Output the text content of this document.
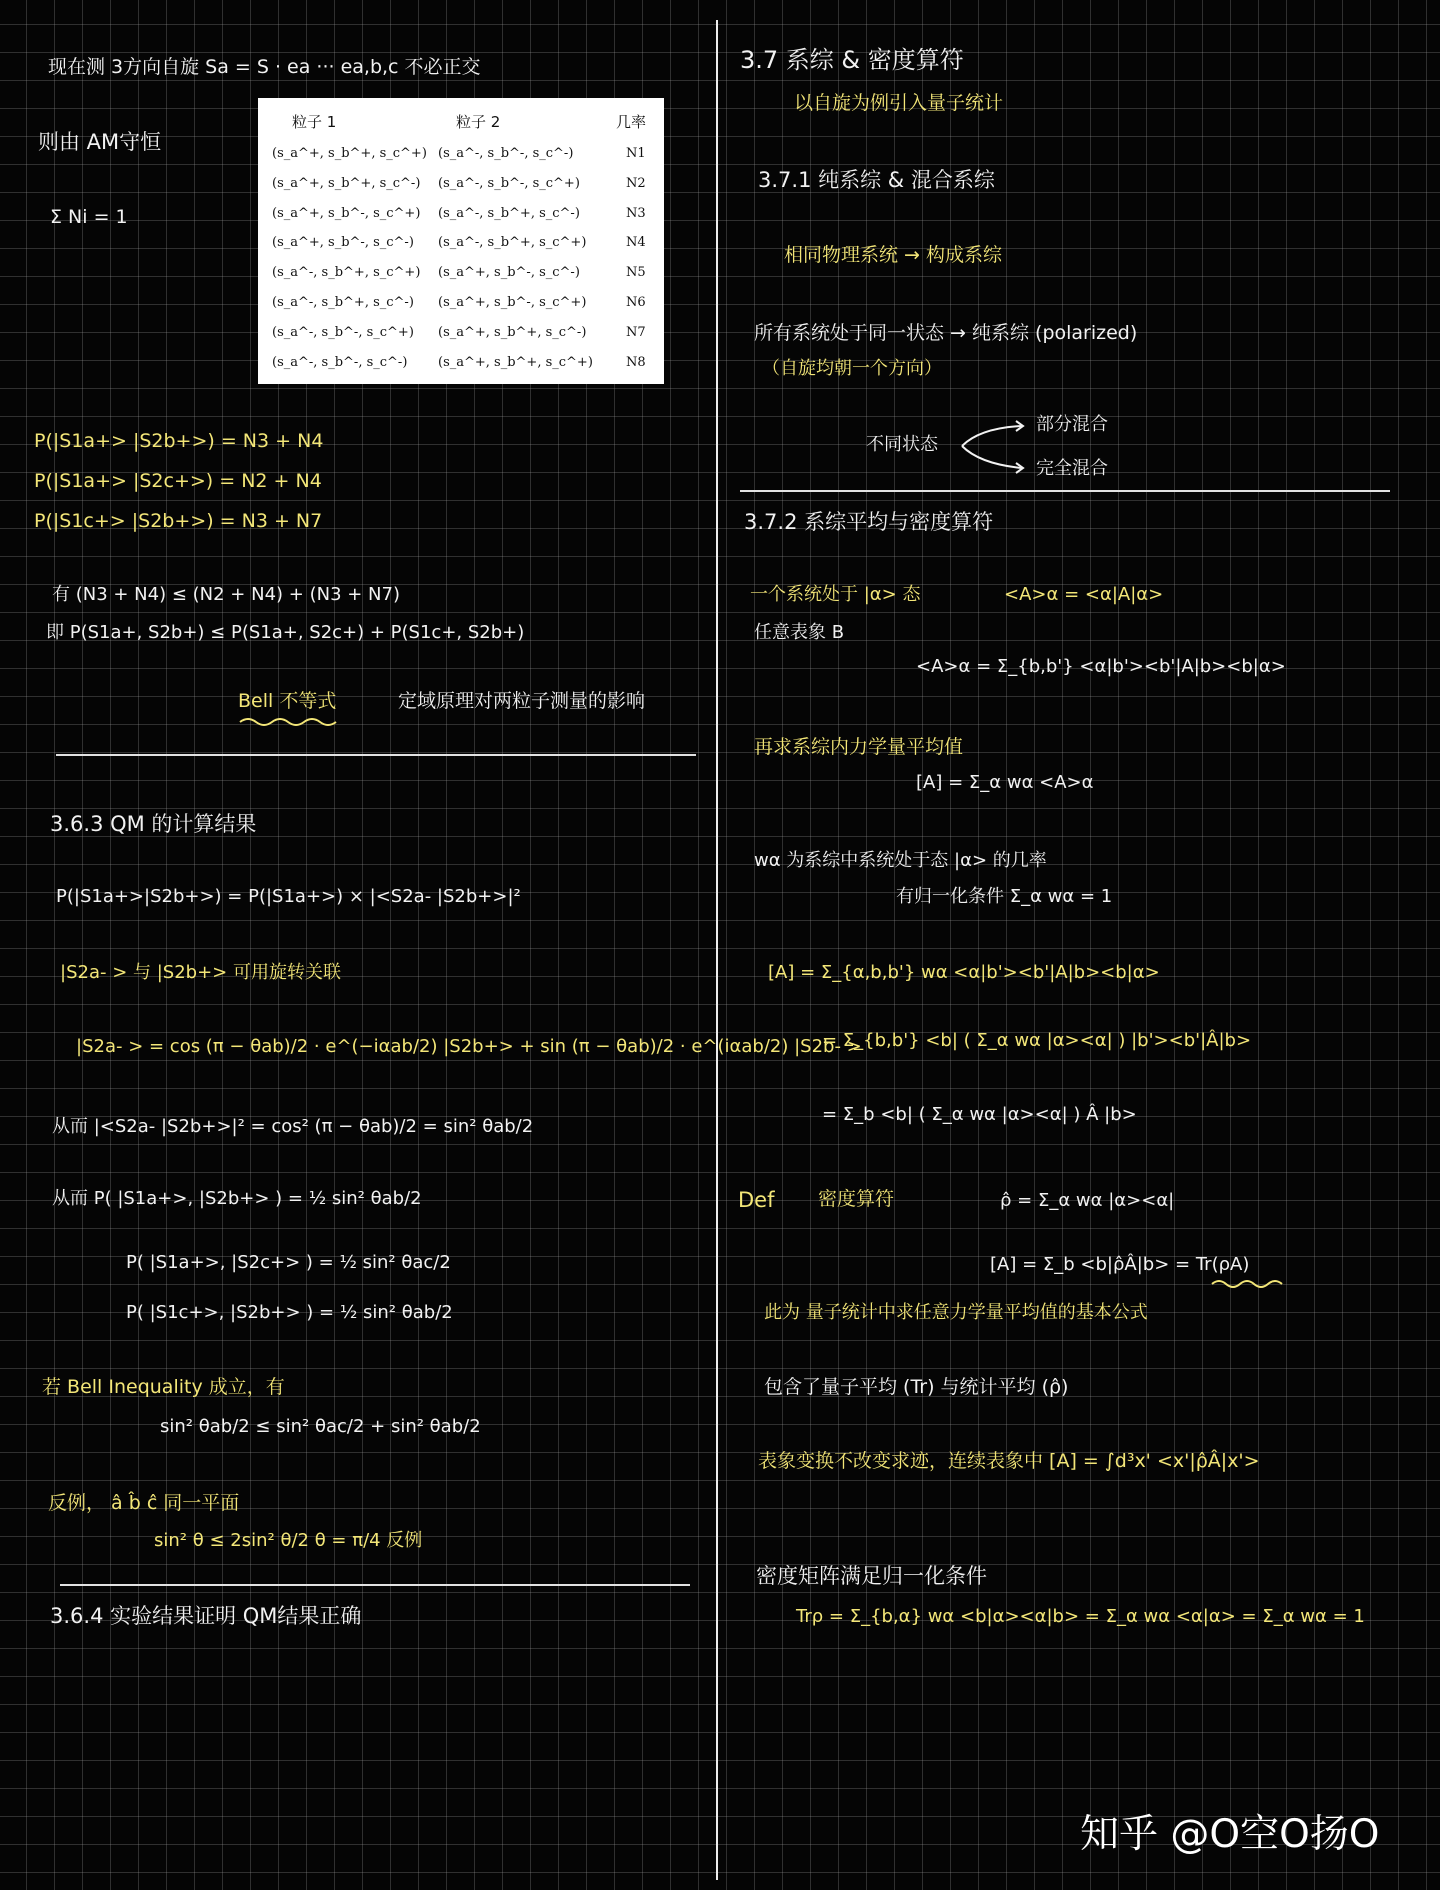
现在测 3方向自旋 Sa = S · ea ··· ea,b,c 不必正交
则由 AM守恒
Σ Ni = 1
粒子 1	粒子 2	几率
(s_a^+, s_b^+, s_c^+) (s_a^-, s_b^-, s_c^-)	N1
(s_a^+, s_b^+, s_c^-) (s_a^-, s_b^-, s_c^+)	N2
(s_a^+, s_b^-, s_c^+) (s_a^-, s_b^+, s_c^-)	N3
(s_a^+, s_b^-, s_c^-) (s_a^-, s_b^+, s_c^+)	N4
(s_a^-, s_b^+, s_c^+) (s_a^+, s_b^-, s_c^-)	N5
(s_a^-, s_b^+, s_c^-) (s_a^+, s_b^-, s_c^+)	N6
(s_a^-, s_b^-, s_c^+) (s_a^+, s_b^+, s_c^-)	N7
(s_a^-, s_b^-, s_c^-) (s_a^+, s_b^+, s_c^+)	N8
P(|S1a+> |S2b+>) = N3 + N4
P(|S1a+> |S2c+>) = N2 + N4
P(|S1c+> |S2b+>) = N3 + N7
有 (N3 + N4) ≤ (N2 + N4) + (N3 + N7)
即 P(S1a+, S2b+) ≤ P(S1a+, S2c+) + P(S1c+, S2b+)
Bell 不等式	定域原理对两粒子测量的影响
3.6.3 QM 的计算结果
P(|S1a+>|S2b+>) = P(|S1a+>) × |<S2a- |S2b+>|²
|S2a- > 与 |S2b+> 可用旋转关联
|S2a- > = cos (π − θab)/2 · e^(−iαab/2) |S2b+> + sin (π − θab)/2 · e^(iαab/2) |S2b- >
从而 |<S2a- |S2b+>|² = cos² (π − θab)/2 = sin² θab/2
从而 P( |S1a+>, |S2b+> ) = ½ sin² θab/2
P( |S1a+>, |S2c+> ) = ½ sin² θac/2
P( |S1c+>, |S2b+> ) = ½ sin² θab/2
若 Bell Inequality 成立，有
sin² θab/2 ≤ sin² θac/2 + sin² θab/2
反例， â b̂ ĉ 同一平面
sin² θ ≤ 2sin² θ/2 θ = π/4 反例
3.6.4 实验结果证明 QM结果正确
3.7 系综 & 密度算符
以自旋为例引入量子统计
3.7.1 纯系综 & 混合系综
相同物理系统 → 构成系综
所有系统处于同一状态 → 纯系综 (polarized)
（自旋均朝一个方向）
不同状态
部分混合
完全混合
3.7.2 系综平均与密度算符
一个系统处于 |α> 态	<A>α = <α|A|α>
任意表象 B
<A>α = Σ_{b,b'} <α|b'><b'|A|b><b|α>
再求系综内力学量平均值
[A] = Σ_α wα <A>α
wα 为系综中系统处于态 |α> 的几率
有归一化条件 Σ_α wα = 1
[A] = Σ_{α,b,b'} wα <α|b'><b'|A|b><b|α>
= Σ_{b,b'} <b| ( Σ_α wα |α><α| ) |b'><b'|Â|b>
= Σ_b <b| ( Σ_α wα |α><α| ) Â |b>
Def 密度算符	ρ̂ = Σ_α wα |α><α|
[A] = Σ_b <b|ρ̂Â|b> = Tr(ρA)
此为 量子统计中求任意力学量平均值的基本公式
包含了量子平均 (Tr) 与统计平均 (ρ̂)
表象变换不改变求迹，连续表象中 [A] = ∫d³x' <x'|ρ̂Â|x'>
密度矩阵满足归一化条件
Trρ = Σ_{b,α} wα <b|α><α|b> = Σ_α wα <α|α> = Σ_α wα = 1
知乎 @O空O扬O
